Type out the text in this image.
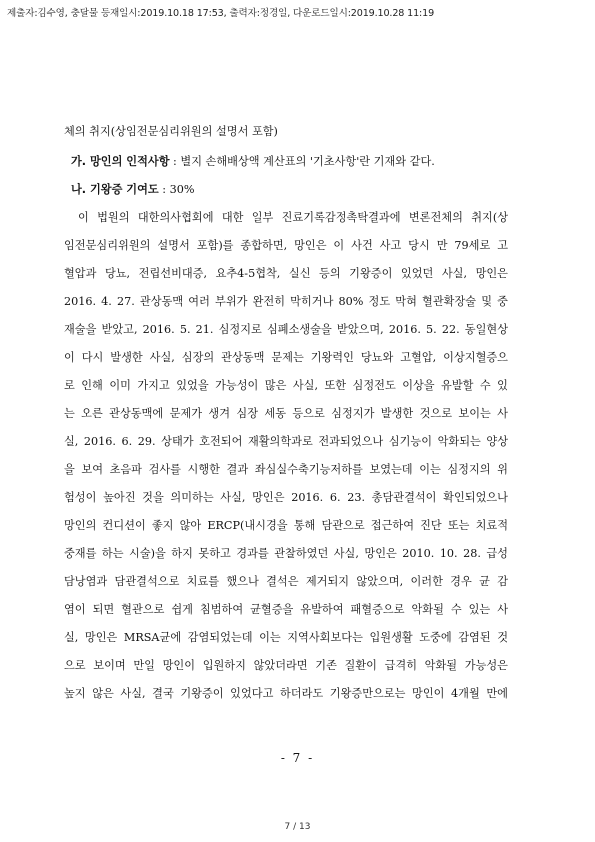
제출자:김수영, 충달물 등재일시:2019.10.18 17:53, 출력자:정경일, 다운로드일시:2019.10.28 11:19
체의 취지(상임전문심리위원의 설명서 포함)
가. 망인의 인적사항 : 별지 손해배상액 계산표의 '기초사항'란 기재와 같다.
나. 기왕증 기여도 : 30%
이 법원의 대한의사협회에 대한 일부 진료기록감정촉탁결과에 변론전체의 취지(상
임전문심리위원의 설명서 포함)를 종합하면, 망인은 이 사건 사고 당시 만 79세로 고
혈압과 당뇨, 전립선비대증, 요추4-5협착, 실신 등의 기왕증이 있었던 사실, 망인은
2016. 4. 27. 관상동맥 여러 부위가 완전히 막히거나 80% 정도 막혀 혈관확장술 및 중
재술을 받았고, 2016. 5. 21. 심정지로 심폐소생술을 받았으며, 2016. 5. 22. 동일현상
이 다시 발생한 사실, 심장의 관상동맥 문제는 기왕력인 당뇨와 고혈압, 이상지혈증으
로 인해 이미 가지고 있었을 가능성이 많은 사실, 또한 심정전도 이상을 유발할 수 있
는 오른 관상동맥에 문제가 생겨 심장 세동 등으로 심정지가 발생한 것으로 보이는 사
실, 2016. 6. 29. 상태가 호전되어 재활의학과로 전과되었으나 심기능이 악화되는 양상
을 보여 초음파 검사를 시행한 결과 좌심실수축기능저하를 보였는데 이는 심정지의 위
험성이 높아진 것을 의미하는 사실, 망인은 2016. 6. 23. 총담관결석이 확인되었으나
망인의 컨디션이 좋지 않아 ERCP(내시경을 통해 담관으로 접근하여 진단 또는 치료적
중재를 하는 시술)을 하지 못하고 경과를 관찰하였던 사실, 망인은 2010. 10. 28. 급성
담낭염과 담관결석으로 치료를 했으나 결석은 제거되지 않았으며, 이러한 경우 균 감
염이 되면 혈관으로 쉽게 침범하여 균혈증을 유발하여 패혈증으로 악화될 수 있는 사
실, 망인은 MRSA균에 감염되었는데 이는 지역사회보다는 입원생활 도중에 감염된 것
으로 보이며 만일 망인이 입원하지 않았더라면 기존 질환이 급격히 악화될 가능성은
높지 않은 사실, 결국 기왕증이 있었다고 하더라도 기왕증만으로는 망인이 4개월 만에
- 7 -
7 / 13
